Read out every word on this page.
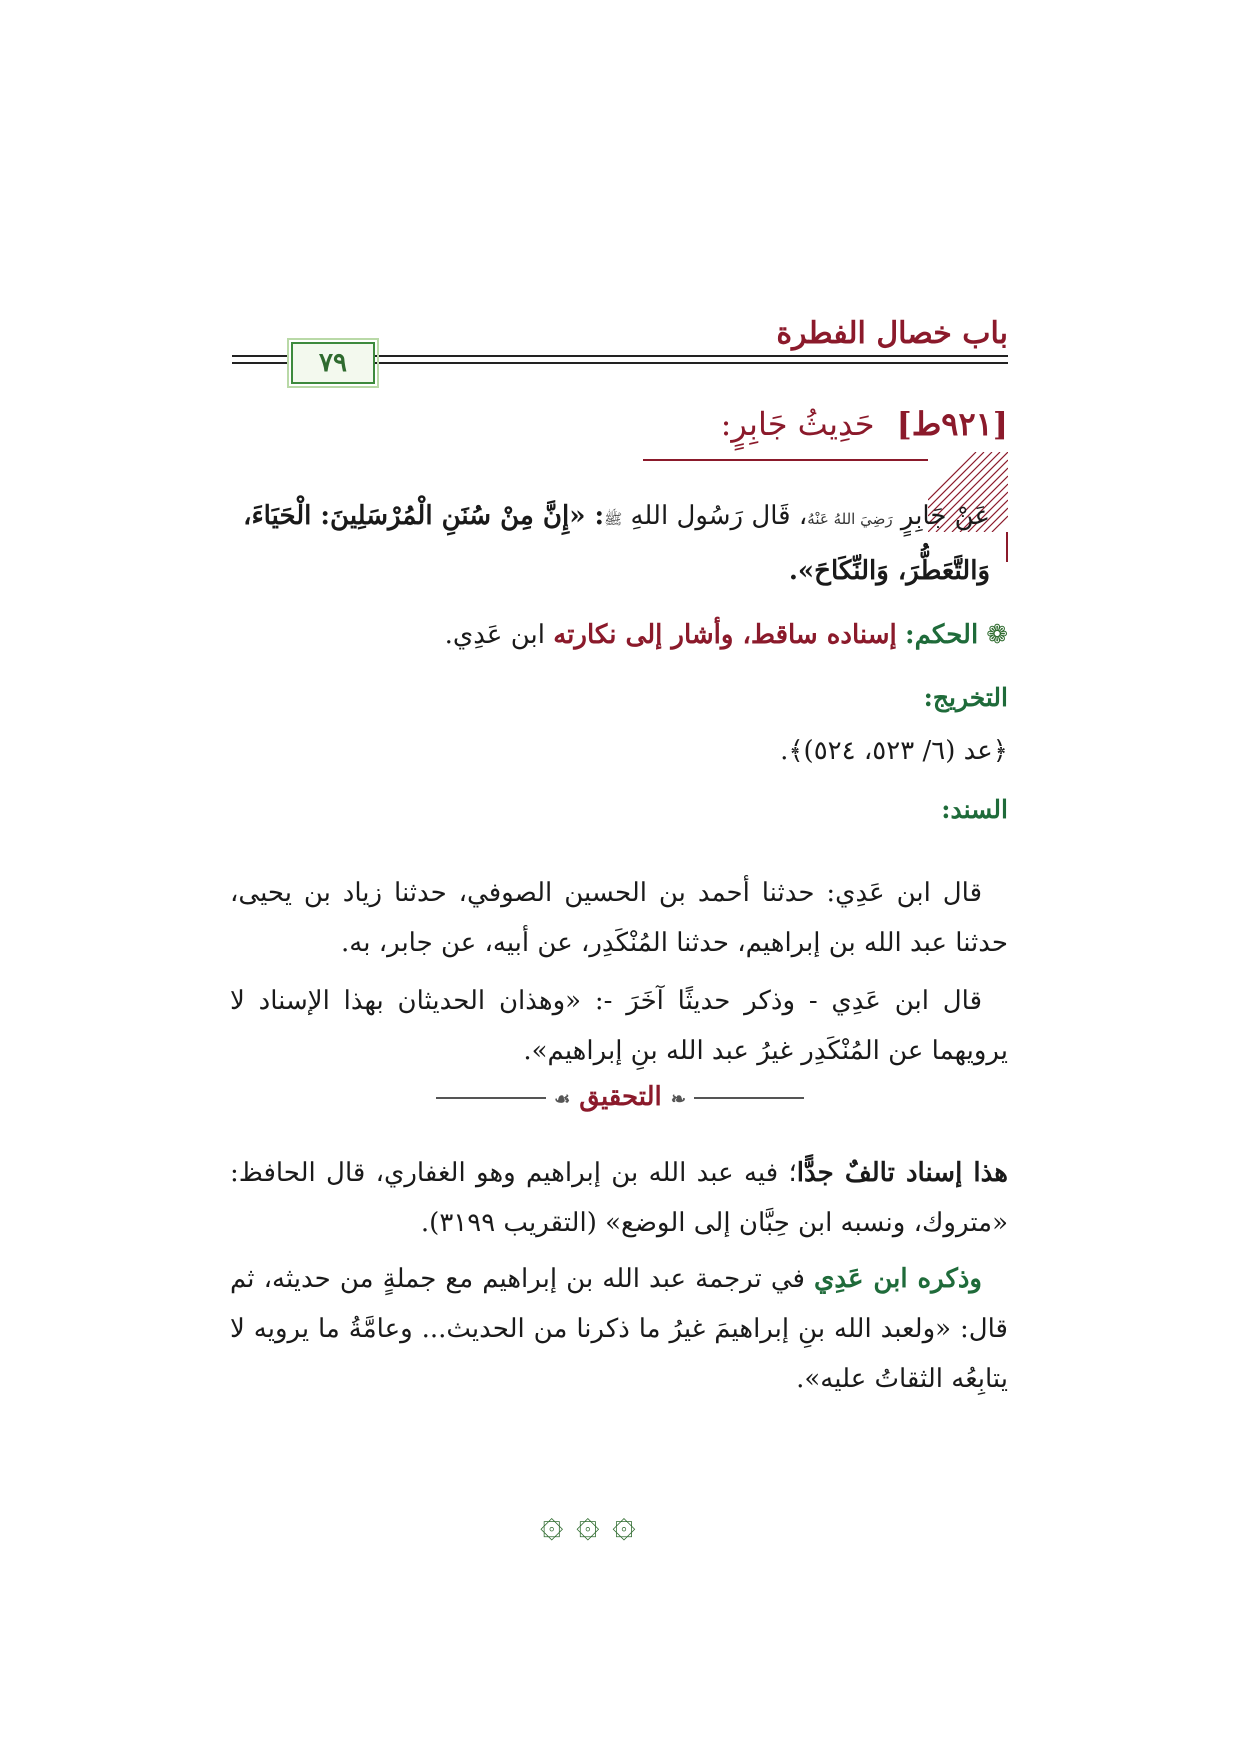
باب خصال الفطرة
٧٩
[٩٢١ط]حَدِيثُ جَابِرٍ:
عَنْ جَابِرٍ رَضِيَ اللهُ عَنْهُ، قَال رَسُول اللهِ ﷺ: «إِنَّ مِنْ سُنَنِ الْمُرْسَلِينَ: الْحَيَاءَ، وَالتَّعَطُّرَ، وَالنِّكَاحَ».
❁الحكم: إسناده ساقط، وأشار إلى نكارته ابن عَدِي.
التخريج:
﴿عد (٦/ ٥٢٣، ٥٢٤)﴾.
السند:
قال ابن عَدِي: حدثنا أحمد بن الحسين الصوفي، حدثنا زياد بن يحيى، حدثنا عبد الله بن إبراهيم، حدثنا المُنْكَدِر، عن أبيه، عن جابر، به.
قال ابن عَدِي - وذكر حديثًا آخَرَ -: «وهذان الحديثان بهذا الإسناد لا يرويهما عن المُنْكَدِر غيرُ عبد الله بنِ إبراهيم».
❧ التحقيق ☙
هذا إسناد تالفٌ جدًّا؛ فيه عبد الله بن إبراهيم وهو الغفاري، قال الحافظ: «متروك، ونسبه ابن حِبَّان إلى الوضع» (التقريب ٣١٩٩).
وذكره ابن عَدِي في ترجمة عبد الله بن إبراهيم مع جملةٍ من حديثه، ثم قال: «ولعبد الله بنِ إبراهيمَ غيرُ ما ذكرنا من الحديث... وعامَّةُ ما يرويه لا يتابِعُه الثقاتُ عليه».
۞ ۞ ۞
